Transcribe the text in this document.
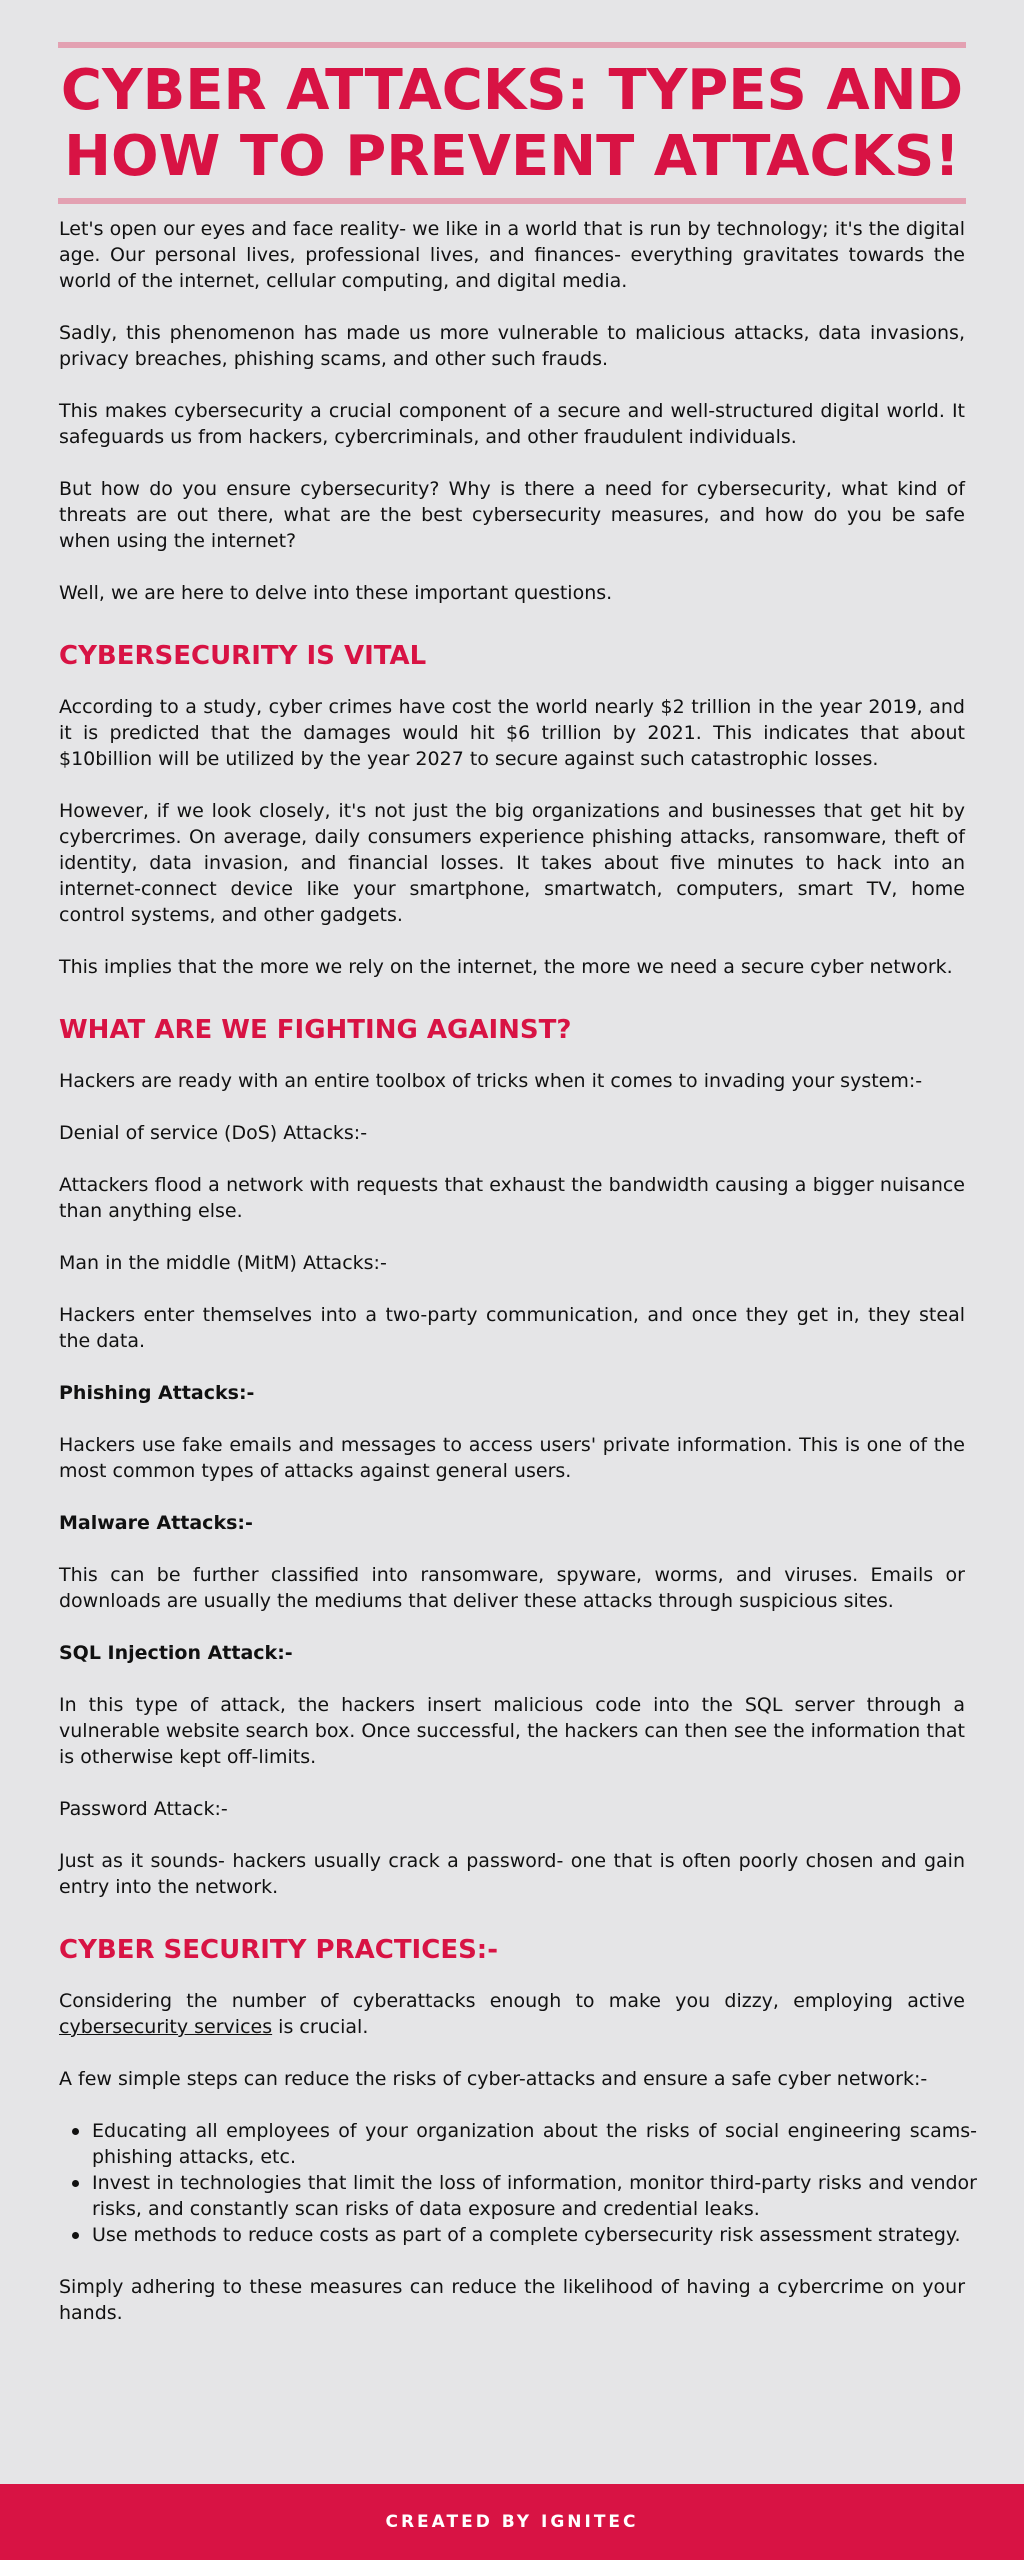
CYBER ATTACKS: TYPES AND
HOW TO PREVENT ATTACKS!

Let's open our eyes and face reality- we like in a world that is run by technology; it's the digital age. Our personal lives, professional lives, and finances- everything gravitates towards the world of the internet, cellular computing, and digital media.

Sadly, this phenomenon has made us more vulnerable to malicious attacks, data invasions, privacy breaches, phishing scams, and other such frauds.

This makes cybersecurity a crucial component of a secure and well-structured digital world. It safeguards us from hackers, cybercriminals, and other fraudulent individuals.

But how do you ensure cybersecurity? Why is there a need for cybersecurity, what kind of threats are out there, what are the best cybersecurity measures, and how do you be safe when using the internet?

Well, we are here to delve into these important questions.

CYBERSECURITY IS VITAL

According to a study, cyber crimes have cost the world nearly $2 trillion in the year 2019, and it is predicted that the damages would hit $6 trillion by 2021. This indicates that about $10billion will be utilized by the year 2027 to secure against such catastrophic losses.

However, if we look closely, it's not just the big organizations and businesses that get hit by cybercrimes. On average, daily consumers experience phishing attacks, ransomware, theft of identity, data invasion, and financial losses. It takes about five minutes to hack into an internet-connect device like your smartphone, smartwatch, computers, smart TV, home control systems, and other gadgets.

This implies that the more we rely on the internet, the more we need a secure cyber network.

WHAT ARE WE FIGHTING AGAINST?

Hackers are ready with an entire toolbox of tricks when it comes to invading your system:-

Denial of service (DoS) Attacks:-

Attackers flood a network with requests that exhaust the bandwidth causing a bigger nuisance than anything else.

Man in the middle (MitM) Attacks:-

Hackers enter themselves into a two-party communication, and once they get in, they steal the data.

Phishing Attacks:-

Hackers use fake emails and messages to access users' private information. This is one of the most common types of attacks against general users.

Malware Attacks:-

This can be further classified into ransomware, spyware, worms, and viruses. Emails or downloads are usually the mediums that deliver these attacks through suspicious sites.

SQL Injection Attack:-

In this type of attack, the hackers insert malicious code into the SQL server through a vulnerable website search box. Once successful, the hackers can then see the information that is otherwise kept off-limits.

Password Attack:-

Just as it sounds- hackers usually crack a password- one that is often poorly chosen and gain entry into the network.

CYBER SECURITY PRACTICES:-

Considering the number of cyberattacks enough to make you dizzy, employing active cybersecurity services is crucial.

A few simple steps can reduce the risks of cyber-attacks and ensure a safe cyber network:-

Educating all employees of your organization about the risks of social engineering scams- phishing attacks, etc.
Invest in technologies that limit the loss of information, monitor third-party risks and vendor risks, and constantly scan risks of data exposure and credential leaks.
Use methods to reduce costs as part of a complete cybersecurity risk assessment strategy.

Simply adhering to these measures can reduce the likelihood of having a cybercrime on your hands.

CREATED BY IGNITEC
